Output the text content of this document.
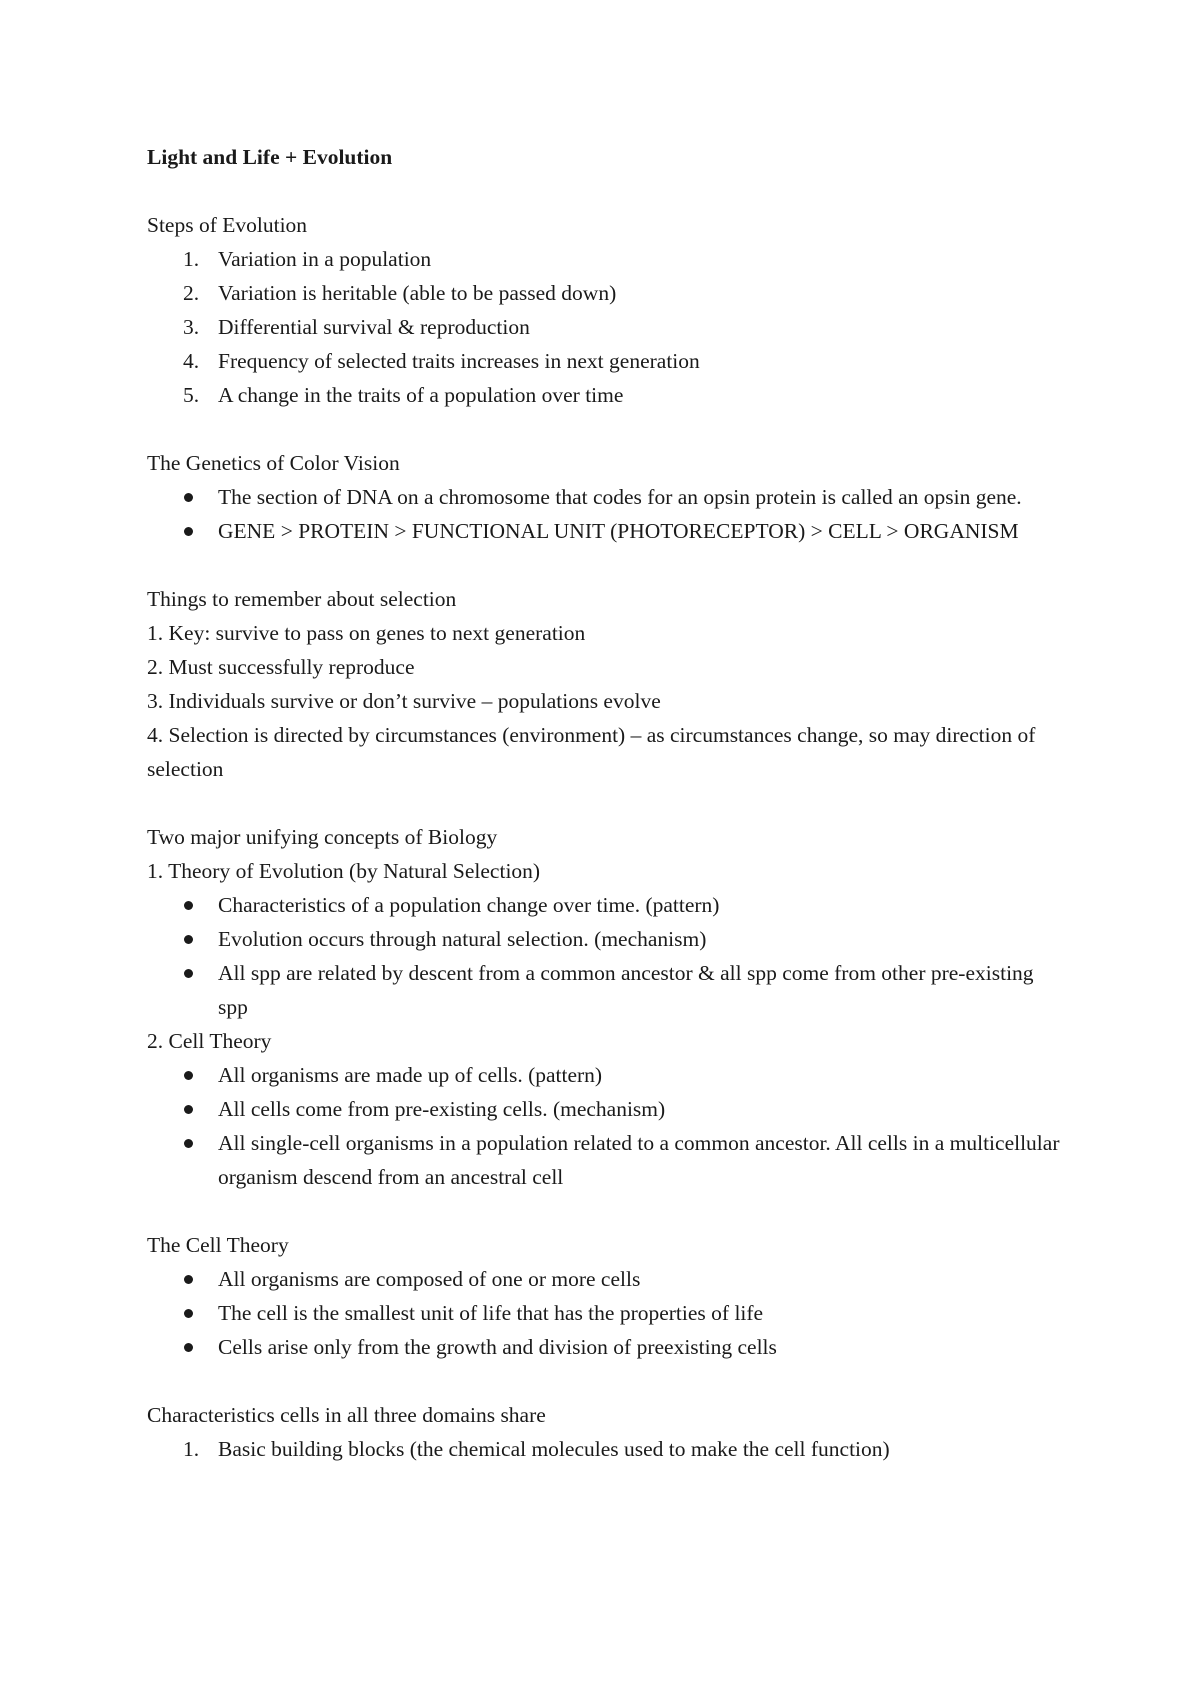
Light and Life + Evolution

Steps of Evolution

1. Variation in a population
2. Variation is heritable (able to be passed down)
3. Differential survival & reproduction
4. Frequency of selected traits increases in next generation
5. A change in the traits of a population over time

The Genetics of Color Vision

The section of DNA on a chromosome that codes for an opsin protein is called an opsin gene.
GENE > PROTEIN > FUNCTIONAL UNIT (PHOTORECEPTOR) > CELL > ORGANISM

Things to remember about selection

1. Key: survive to pass on genes to next generation

2. Must successfully reproduce

3. Individuals survive or don’t survive – populations evolve

4. Selection is directed by circumstances (environment) – as circumstances change, so may direction of selection

Two major unifying concepts of Biology

1. Theory of Evolution (by Natural Selection)

Characteristics of a population change over time. (pattern)
Evolution occurs through natural selection. (mechanism)
All spp are related by descent from a common ancestor & all spp come from other pre-existing spp

2. Cell Theory

All organisms are made up of cells. (pattern)
All cells come from pre-existing cells. (mechanism)
All single-cell organisms in a population related to a common ancestor. All cells in a multicellular organism descend from an ancestral cell

The Cell Theory

All organisms are composed of one or more cells
The cell is the smallest unit of life that has the properties of life
Cells arise only from the growth and division of preexisting cells

Characteristics cells in all three domains share

1. Basic building blocks (the chemical molecules used to make the cell function)
